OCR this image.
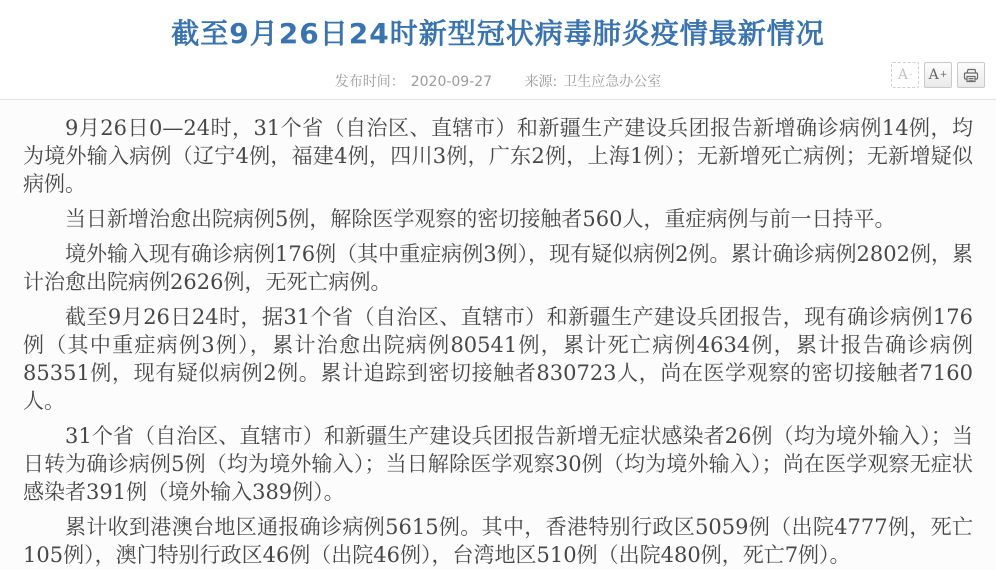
截至9月26日24时新型冠状病毒肺炎疫情最新情况
发布时间： 2020-09-27 来源: 卫生应急办公室	A - A +

9月26日0—24时，31个省（自治区、直辖市）和新疆生产建设兵团报告新增确诊病例14例，均为境外输入病例（辽宁4例，福建4例，四川3例，广东2例，上海1例）；无新增死亡病例；无新增疑似病例。

当日新增治愈出院病例5例，解除医学观察的密切接触者560人，重症病例与前一日持平。

境外输入现有确诊病例176例（其中重症病例3例），现有疑似病例2例。累计确诊病例2802例，累计治愈出院病例2626例，无死亡病例。

截至9月26日24时，据31个省（自治区、直辖市）和新疆生产建设兵团报告，现有确诊病例176例（其中重症病例3例），累计治愈出院病例80541例，累计死亡病例4634例，累计报告确诊病例85351例，现有疑似病例2例。累计追踪到密切接触者830723人，尚在医学观察的密切接触者7160人。

31个省（自治区、直辖市）和新疆生产建设兵团报告新增无症状感染者26例（均为境外输入）；当日转为确诊病例5例（均为境外输入）；当日解除医学观察30例（均为境外输入）；尚在医学观察无症状感染者391例（境外输入389例）。

累计收到港澳台地区通报确诊病例5615例。其中，香港特别行政区5059例（出院4777例，死亡105例），澳门特别行政区46例（出院46例），台湾地区510例（出院480例，死亡7例）。
